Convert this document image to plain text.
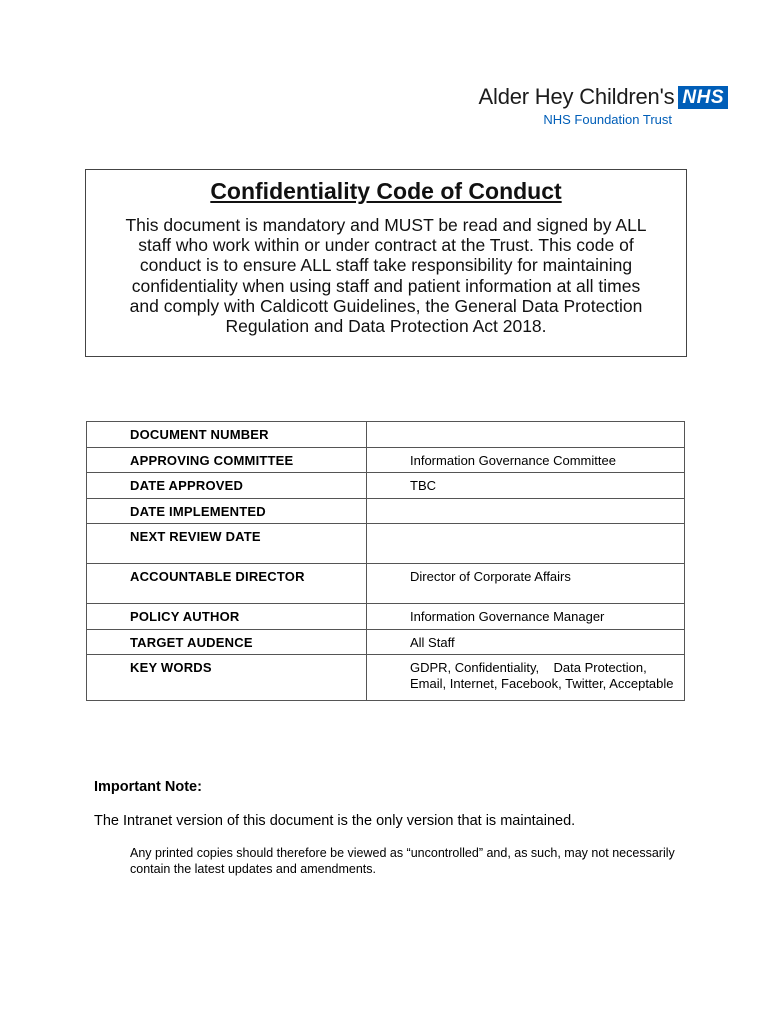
Alder Hey Children's NHS
NHS Foundation Trust
Confidentiality Code of Conduct

This document is mandatory and MUST be read and signed by ALL staff who work within or under contract at the Trust. This code of conduct is to ensure ALL staff take responsibility for maintaining confidentiality when using staff and patient information at all times and comply with Caldicott Guidelines, the General Data Protection Regulation and Data Protection Act 2018.

DOCUMENT NUMBER	
APPROVING COMMITTEE	Information Governance Committee
DATE APPROVED	TBC
DATE IMPLEMENTED	
NEXT REVIEW DATE	
ACCOUNTABLE DIRECTOR	Director of Corporate Affairs
POLICY AUTHOR	Information Governance Manager
TARGET AUDENCE	All Staff
KEY WORDS	GDPR, Confidentiality,    Data Protection, Email, Internet, Facebook, Twitter, Acceptable

Important Note:

The Intranet version of this document is the only version that is maintained.

Any printed copies should therefore be viewed as “uncontrolled” and, as such, may not necessarily contain the latest updates and amendments.
